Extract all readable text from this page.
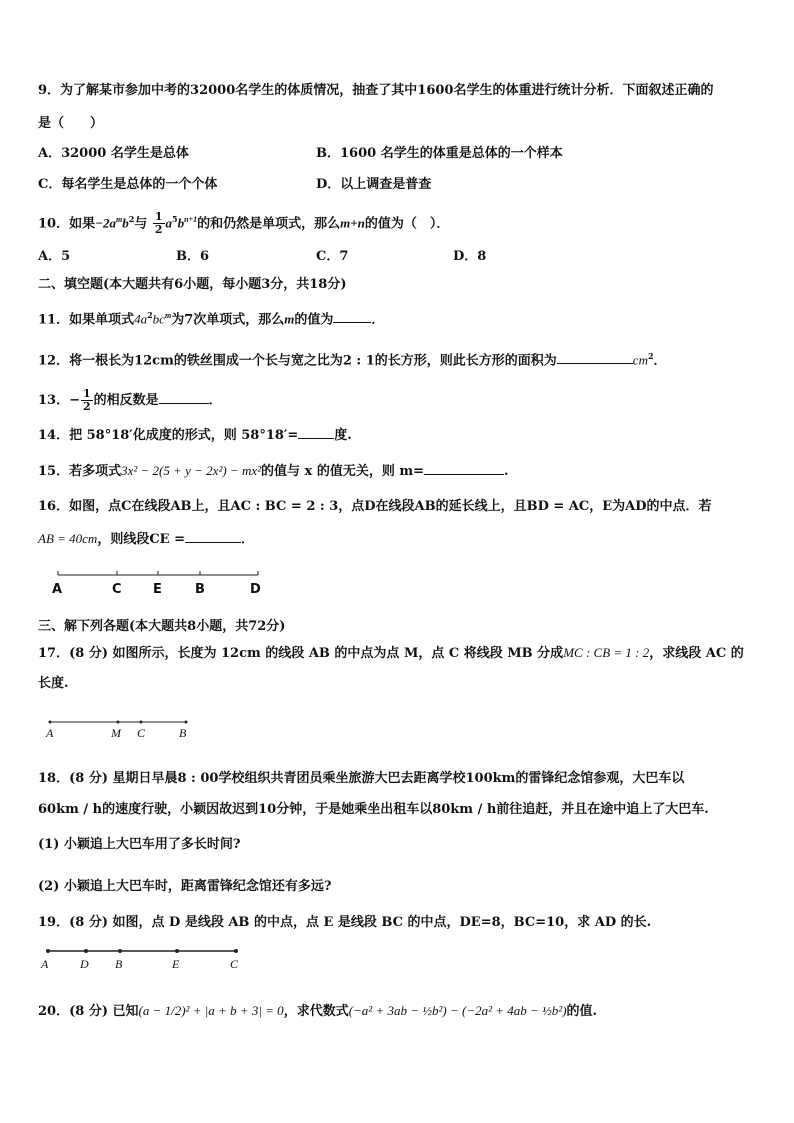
9．为了解某市参加中考的32000名学生的体质情况，抽查了其中1600名学生的体重进行统计分析．下面叙述正确的
是（　　）
A．32000 名学生是总体	B．1600 名学生的体重是总体的一个样本
C．每名学生是总体的一个个体	D．以上调查是普查
10．如果$-2a^mb^2$与 $\frac{1}{2} a^5b^{n+1}$的和仍然是单项式，那么m+n的值为（　）．
A．5	B．6	C．7	D．8
二、填空题(本大题共有6小题，每小题3分，共18分)
11．如果单项式$4a^2bc^m$为7次单项式，那么m的值为	．
12．将一根长为12cm的铁丝围成一个长与宽之比为2 : 1的长方形，则此长方形的面积为	$cm^2$．
13．− $\frac{1}{2}$ 的相反数是	．
14．把 58°18′化成度的形式，则 58°18′=	度.
15．若多项式3x² − 2(5 + y − 2x²) − mx²的值与 x 的值无关，则 m=	.
16．如图，点C在线段AB上，且AC : BC = 2 : 3，点D在线段AB的延长线上，且BD = AC，E为AD的中点．若
AB = 40cm，则线段CE =	．
A	C E	B	D
三、解下列各题(本大题共8小题，共72分)
17．(8 分) 如图所示，长度为 12cm 的线段 AB 的中点为点 M，点 C 将线段 MB 分成MC : CB = 1 : 2，求线段 AC 的
长度.
A	M C	B
18．(8 分) 星期日早晨8 : 00学校组织共青团员乘坐旅游大巴去距离学校100km的雷锋纪念馆参观，大巴车以
60km / h的速度行驶，小颖因故迟到10分钟，于是她乘坐出租车以80km / h前往追赶，并且在途中追上了大巴车.
(1) 小颖追上大巴车用了多长时间?
(2) 小颖追上大巴车时，距离雷锋纪念馆还有多远?
19．(8 分) 如图，点 D 是线段 AB 的中点，点 E 是线段 BC 的中点，DE=8，BC=10，求 AD 的长.
A	D B	E	C
20．(8 分) 已知(a − 1/2)² + |a + b + 3| = 0，求代数式(−a² + 3ab − ½b²) − (−2a² + 4ab − ½b²)的值.
